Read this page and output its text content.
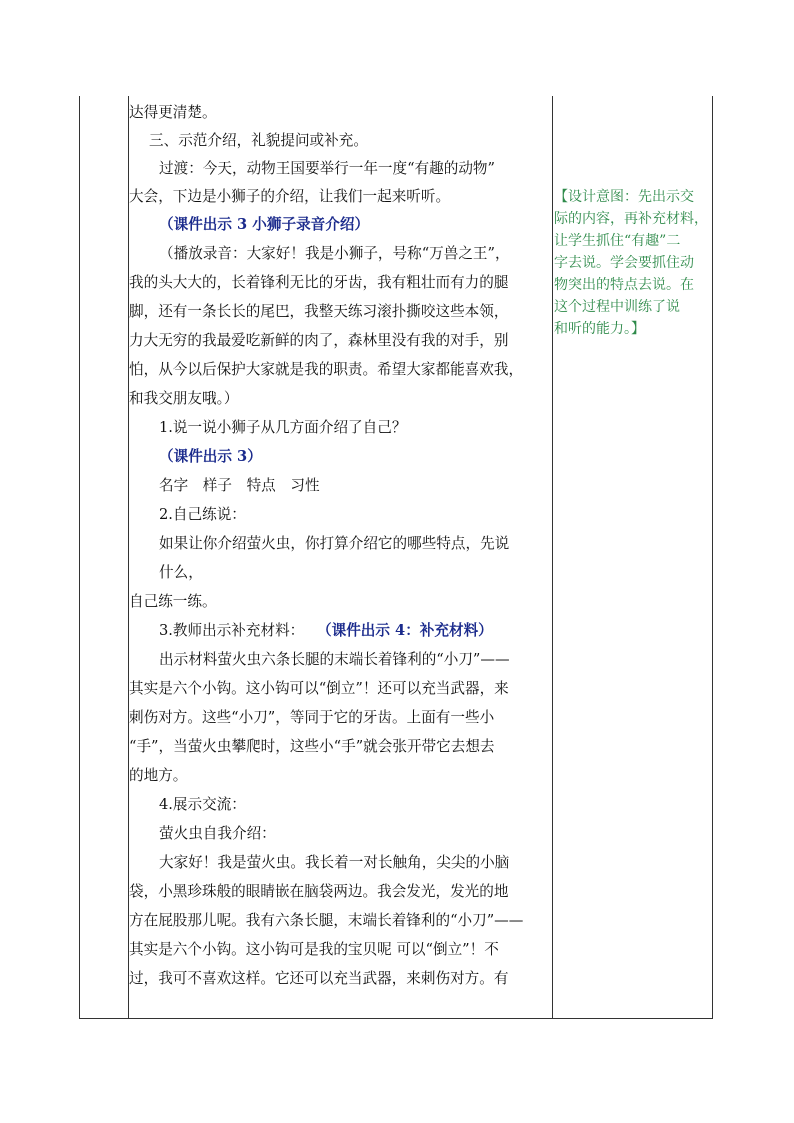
达得更清楚。
三、示范介绍，礼貌提问或补充。
过渡：今天，动物王国要举行一年一度“有趣的动物”
大会，下边是小狮子的介绍，让我们一起来听听。
（课件出示 3 小狮子录音介绍）
（播放录音：大家好！我是小狮子，号称“万兽之王”，
我的头大大的，长着锋利无比的牙齿，我有粗壮而有力的腿
脚，还有一条长长的尾巴，我整天练习滚扑撕咬这些本领，
力大无穷的我最爱吃新鲜的肉了，森林里没有我的对手，别
怕，从今以后保护大家就是我的职责。希望大家都能喜欢我，
和我交朋友哦。）
1.说一说小狮子从几方面介绍了自己？
（课件出示 3）
名字　样子　特点　习性
2.自己练说：
如果让你介绍萤火虫，你打算介绍它的哪些特点，先说
什么，
自己练一练。
3.教师出示补充材料： （课件出示 4：补充材料）
出示材料萤火虫六条长腿的末端长着锋利的“小刀”——
其实是六个小钩。这小钩可以“倒立”！还可以充当武器，来
刺伤对方。这些“小刀”，等同于它的牙齿。上面有一些小
“手”，当萤火虫攀爬时，这些小“手”就会张开带它去想去
的地方。
4.展示交流：
萤火虫自我介绍：
大家好！我是萤火虫。我长着一对长触角，尖尖的小脑
袋，小黑珍珠般的眼睛嵌在脑袋两边。我会发光，发光的地
方在屁股那儿呢。我有六条长腿，末端长着锋利的“小刀”——
其实是六个小钩。这小钩可是我的宝贝呢 可以“倒立”！不
过，我可不喜欢这样。它还可以充当武器，来刺伤对方。有
【设计意图：先出示交
际的内容，再补充材料，
让学生抓住“有趣”二
字去说。学会要抓住动
物突出的特点去说。在
这个过程中训练了说
和听的能力。】
